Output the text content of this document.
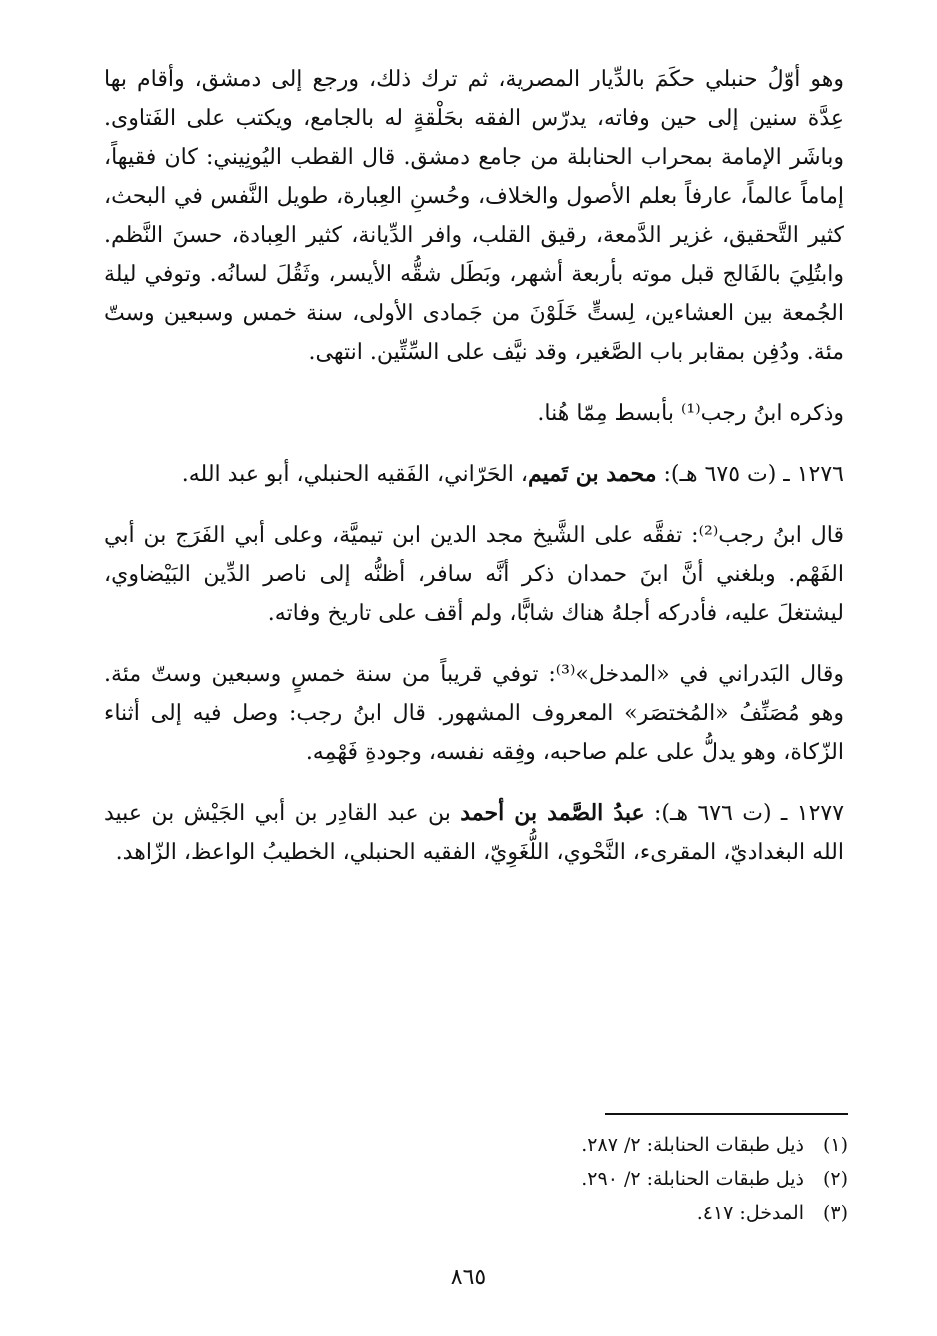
وهو أوّلُ حنبلي حكَمَ بالدِّيار المصرية، ثم ترك ذلك، ورجع إلى دمشق، وأقام بها عِدَّة سنين إلى حين وفاته، يدرّس الفقه بحَلْقةٍ له بالجامع، ويكتب على الفَتاوى. وباشَر الإمامة بمحراب الحنابلة من جامع دمشق. قال القطب اليُونِيني: كان فقيهاً، إماماً عالماً، عارفاً بعلم الأصول والخلاف، وحُسنِ العِبارة، طويل النَّفس في البحث، كثير التَّحقيق، غزير الدَّمعة، رقيق القلب، وافر الدِّيانة، كثير العِبادة، حسنَ النَّظم. وابتُلِيَ بالفَالج قبل موته بأربعة أشهر، وبَطَل شقُّه الأيسر، وثَقُلَ لسانُه. وتوفي ليلة الجُمعة بين العشاءين، لِستٍّ خَلَوْنَ من جَمادى الأولى، سنة خمس وسبعين وستّ مئة. ودُفِن بمقابر باب الصَّغير، وقد نيَّف على السِّتِّين. انتهى.

وذكره ابنُ رجب⁽¹⁾ بأبسط مِمّا هُنا.

١٢٧٦ ـ (ت ٦٧٥ هـ): محمد بن تَميم، الحَرّاني، الفَقيه الحنبلي، أبو عبد الله.

قال ابنُ رجب⁽²⁾: تفقَّه على الشَّيخ مجد الدين ابن تيميَّة، وعلى أبي الفَرَج بن أبي الفَهْم. وبلغني أنَّ ابنَ حمدان ذكر أنَّه سافر، أظنُّه إلى ناصر الدِّين البَيْضاوي، ليشتغلَ عليه، فأدركه أجلهُ هناك شابًّا، ولم أقف على تاريخ وفاته.

وقال البَدراني في «المدخل»⁽³⁾: توفي قريباً من سنة خمسٍ وسبعين وستّ مئة. وهو مُصَنِّفُ «المُختصَر» المعروف المشهور. قال ابنُ رجب: وصل فيه إلى أثناء الزّكاة، وهو يدلُّ على علم صاحبه، وفِقه نفسه، وجودةِ فَهْمِه.

١٢٧٧ ـ (ت ٦٧٦ هـ): عبدُ الصَّمد بن أحمد بن عبد القادِر بن أبي الجَيْش بن عبيد الله البغداديّ، المقرىء، النَّحْوي، اللُّغَوِيّ، الفقيه الحنبلي، الخطيبُ الواعظ، الزّاهد.

(١)ذيل طبقات الحنابلة: ٢/ ٢٨٧.
(٢)ذيل طبقات الحنابلة: ٢/ ٢٩٠.
(٣)المدخل: ٤١٧.
٨٦٥
